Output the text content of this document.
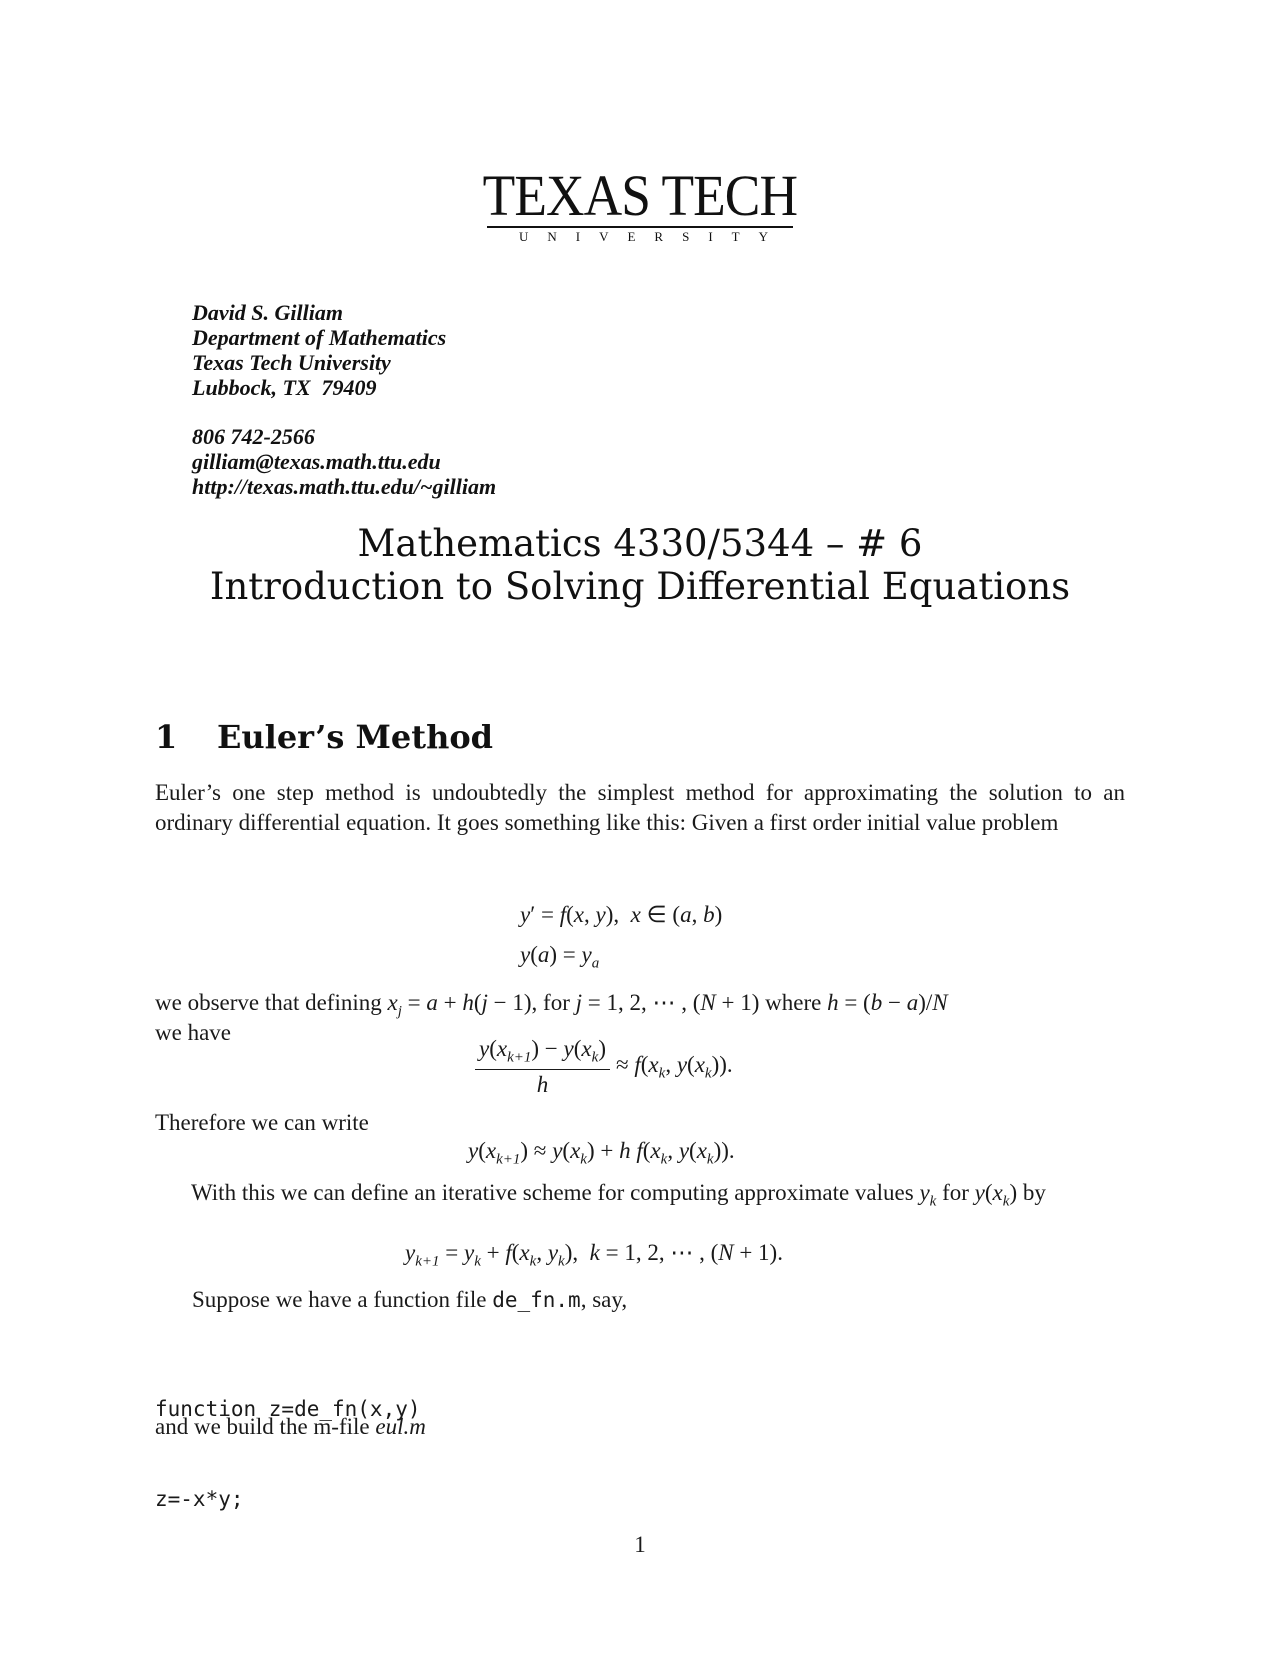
TEXAS TECH
UNIVERSITY
David S. Gilliam
Department of Mathematics
Texas Tech University
Lubbock, TX  79409
806 742-2566
gilliam@texas.math.ttu.edu
http://texas.math.ttu.edu/~gilliam
Mathematics 4330/5344 – # 6
Introduction to Solving Differential Equations
1 Euler’s Method
Euler’s one step method is undoubtedly the simplest method for approximating the solution to an ordinary differential equation. It goes something like this: Given a first order initial value problem
y′ = f(x, y),  x ∈ (a, b)
$y(a) = y_a$
we observe that defining $x_j = a + h(j - 1)$, for j = 1, 2, ⋯ , (N + 1) where h = (b − a)/N
we have
$\frac{y(x_{k+1}) - y(x_k)}{h} \approx f(x_k$, $y(x_k)$).
Therefore we can write
$y(x_{k+1}) \approx y(x_k) + h$ $f(x_k$, $y(x_k)$).
With this we can define an iterative scheme for computing approximate values $y_k$ for $y(x_k)$ by
$y_{k+1} = y_k + f(x_k$, $y_k$),  k = 1, 2, ⋯ , (N + 1).
Suppose we have a function file de_fn.m, say,

function z=de_fn(x,y)

z=-x*y;

and we build the m-file eul.m
1
